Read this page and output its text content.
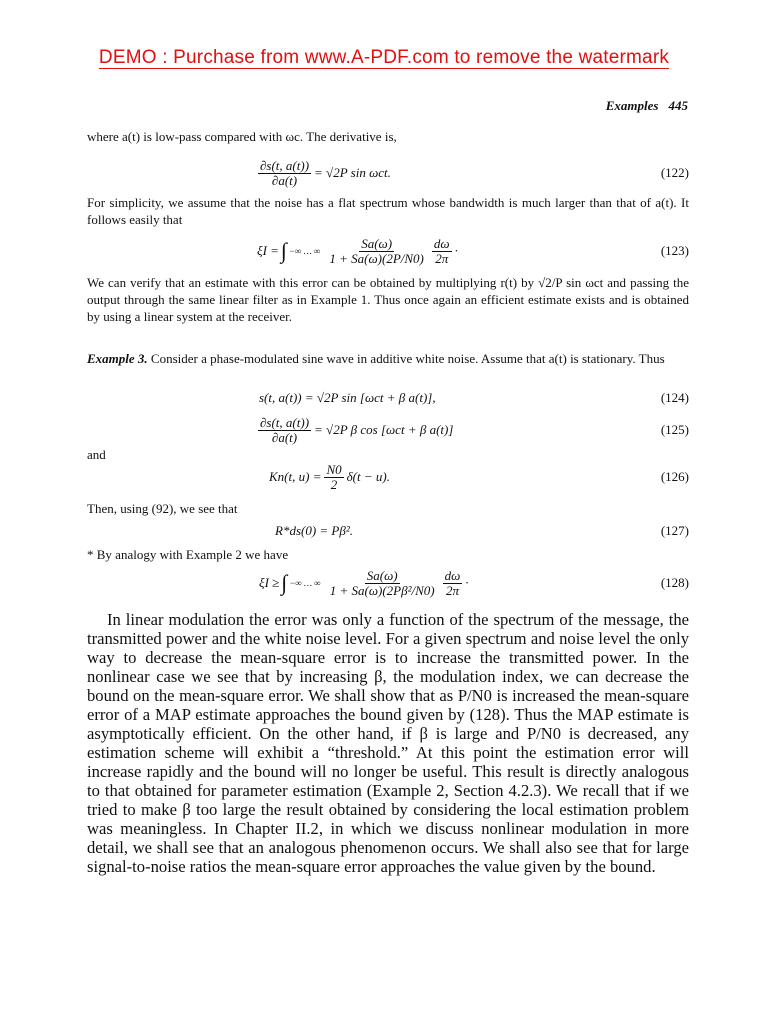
DEMO : Purchase from www.A-PDF.com to remove the watermark
Examples 445
where a(t) is low-pass compared with ωc. The derivative is,
$\frac{\partial s(t, a(t))}{\partial a(t)} = √2P$ sin ωct.	(122)
For simplicity, we assume that the noise has a flat spectrum whose bandwidth is much larger than that of a(t). It follows easily that
ξI = ∫ −∞ … ∞ $\frac{Sa(\omega)}{1 + Sa(\omega)(2P/N0)} \frac{d\omega}{2\pi}$ ·	(123)
We can verify that an estimate with this error can be obtained by multiplying r(t) by √2/P sin ωct and passing the output through the same linear filter as in Example 1. Thus once again an efficient estimate exists and is obtained by using a linear system at the receiver.
Example 3. Consider a phase-modulated sine wave in additive white noise. Assume that a(t) is stationary. Thus
s(t, a(t)) = √2P sin [ωct + β a(t)],	(124)
$\frac{\partial s(t, a(t))}{\partial a(t)} = √2P$ β cos [ωct + β a(t)]	(125)
and
Kn(t, $u) = \frac{N0}{2} \delta(t - u)$.	(126)
Then, using (92), we see that
R*ds(0) = Pβ².	(127)
* By analogy with Example 2 we have
ξI ≥ ∫ −∞ … ∞ $\frac{Sa(\omega)}{\text{1 + Sa(ω)(2Pβ²/N0)}} \frac{d\omega}{2\pi}$ ·	(128)
In linear modulation the error was only a function of the spectrum of the message, the transmitted power and the white noise level. For a given spectrum and noise level the only way to decrease the mean-square error is to increase the transmitted power. In the nonlinear case we see that by increasing β, the modulation index, we can decrease the bound on the mean-square error. We shall show that as P/N0 is increased the mean-square error of a MAP estimate approaches the bound given by (128). Thus the MAP estimate is asymptotically efficient. On the other hand, if β is large and P/N0 is decreased, any estimation scheme will exhibit a “threshold.” At this point the estimation error will increase rapidly and the bound will no longer be useful. This result is directly analogous to that obtained for parameter estimation (Example 2, Section 4.2.3). We recall that if we tried to make β too large the result obtained by considering the local estimation problem was meaningless. In Chapter II.2, in which we discuss nonlinear modulation in more detail, we shall see that an analogous phenomenon occurs. We shall also see that for large signal-to-noise ratios the mean-square error approaches the value given by the bound.
